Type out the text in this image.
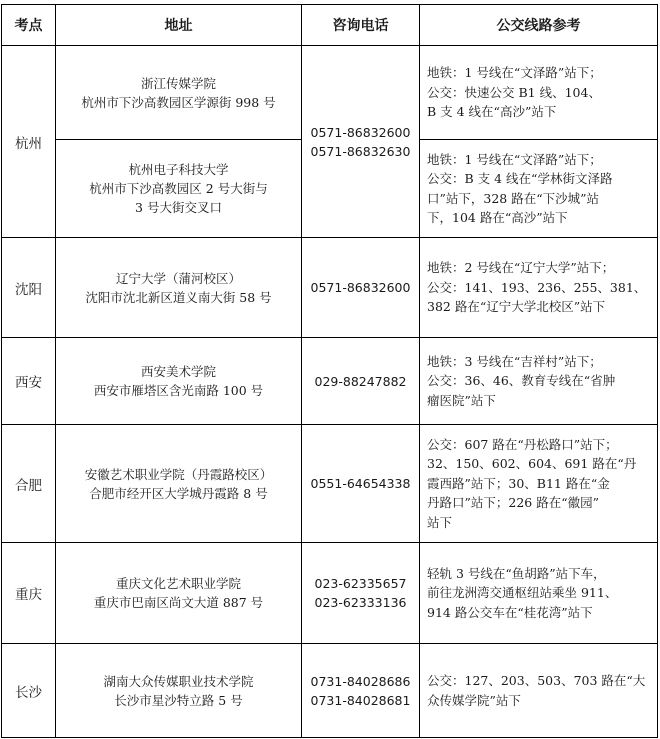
考点	地址	咨询电话	公交线路参考
杭州	浙江传媒学院
杭州市下沙高教园区学源街 998 号	0571-86832600
0571-86832630	地铁：1 号线在“文泽路”站下；
公交：快速公交 B1 线、104、
B 支 4 线在“高沙”站下

	杭州电子科技大学
杭州市下沙高教园区 2 号大街与
3 号大街交叉口		地铁：1 号线在“文泽路”站下；
公交：B 支 4 线在“学林街文泽路
口”站下，328 路在“下沙城”站
下，104 路在“高沙”站下

沈阳	辽宁大学（蒲河校区）
沈阳市沈北新区道义南大街 58 号	0571-86832600	地铁：2 号线在“辽宁大学”站下；
公交：141、193、236、255、381、
382 路在“辽宁大学北校区”站下

西安	西安美术学院
西安市雁塔区含光南路 100 号	029-88247882	地铁：3 号线在“吉祥村”站下；
公交：36、46、教育专线在“省肿
瘤医院”站下

合肥	安徽艺术职业学院（丹霞路校区）
合肥市经开区大学城丹霞路 8 号	0551-64654338	公交：607 路在“丹松路口”站下；
32、150、602、604、691 路在“丹
霞西路”站下；30、B11 路在“金
丹路口”站下；226 路在“徽园”
站下

重庆	重庆文化艺术职业学院
重庆市巴南区尚文大道 887 号	023-62335657
023-62333136	轻轨 3 号线在“鱼胡路”站下车，
前往龙洲湾交通枢纽站乘坐 911、
914 路公交车在“桂花湾”站下

长沙	湖南大众传媒职业技术学院
长沙市星沙特立路 5 号	0731-84028686
0731-84028681	公交：127、203、503、703 路在“大
众传媒学院”站下
